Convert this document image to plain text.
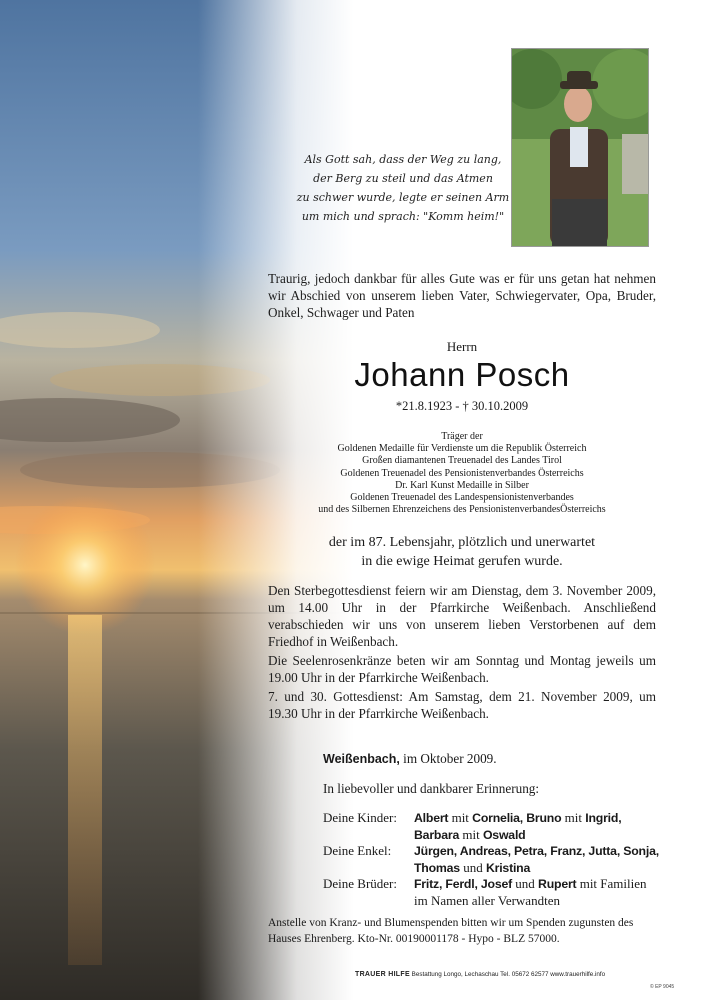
Als Gott sah, dass der Weg zu lang,
der Berg zu steil und das Atmen
zu schwer wurde, legte er seinen Arm
um mich und sprach: "Komm heim!"
Traurig, jedoch dankbar für alles Gute was er für uns getan hat nehmen wir Abschied von unserem lieben Vater, Schwiegervater, Opa, Bruder, Onkel, Schwager und Paten
Herrn
Johann Posch
*21.8.1923 - † 30.10.2009
Träger der
Goldenen Medaille für Verdienste um die Republik Österreich
Großen diamantenen Treuenadel des Landes Tirol
Goldenen Treuenadel des Pensionistenverbandes Österreichs
Dr. Karl Kunst Medaille in Silber
Goldenen Treuenadel des Landespensionistenverbandes
und des Silbernen Ehrenzeichens des PensionistenverbandesÖsterreichs
der im 87. Lebensjahr, plötzlich und unerwartet
in die ewige Heimat gerufen wurde.

Den Sterbegottesdienst feiern wir am Dienstag, dem 3. November 2009, um 14.00 Uhr in der Pfarrkirche Weißenbach. Anschließend verabschieden wir uns von unserem lieben Verstorbenen auf dem Friedhof in Weißenbach.

Die Seelenrosenkränze beten wir am Sonntag und Montag jeweils um 19.00 Uhr in der Pfarrkirche Weißenbach.

7. und 30. Gottesdienst: Am Samstag, dem 21. November 2009, um 19.30 Uhr in der Pfarrkirche Weißenbach.

Weißenbach, im Oktober 2009.
In liebevoller und dankbarer Erinnerung:
Deine Kinder:	Albert mit Cornelia, Bruno mit Ingrid, Barbara mit Oswald
Deine Enkel:	Jürgen, Andreas, Petra, Franz, Jutta, Sonja, Thomas und Kristina
Deine Brüder:	Fritz, Ferdl, Josef und Rupert mit Familien im Namen aller Verwandten
Anstelle von Kranz- und Blumenspenden bitten wir um Spenden zugunsten des Hauses Ehrenberg. Kto-Nr. 00190001178 - Hypo - BLZ 57000.
TRAUER HILFE Bestattung Longo, Lechaschau Tel. 05672 62577 www.trauerhilfe.info
© EP 9045
